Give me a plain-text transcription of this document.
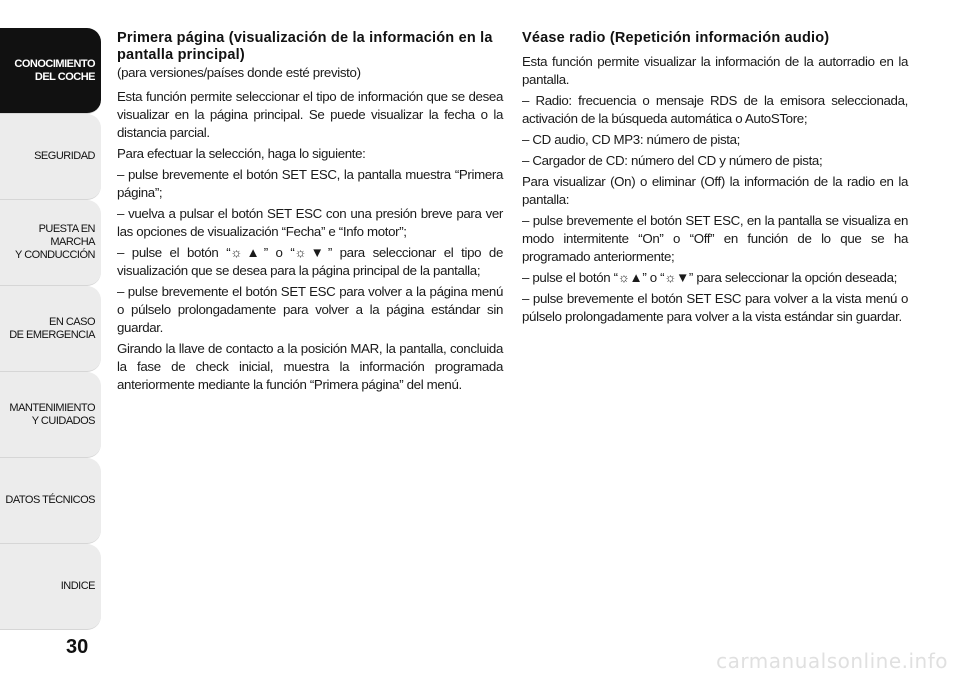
CONOCIMIENTO
DEL COCHE
SEGURIDAD
PUESTA EN MARCHA
Y CONDUCCIÓN
EN CASO
DE EMERGENCIA
MANTENIMIENTO
Y CUIDADOS
DATOS TÉCNICOS
INDICE
30
Primera página (visualización de la información en la pantalla principal)

(para versiones/países donde esté previsto)

Esta función permite seleccionar el tipo de información que se desea visualizar en la página principal. Se puede visualizar la fecha o la distancia parcial.

Para efectuar la selección, haga lo siguiente:

– pulse brevemente el botón SET ESC, la pantalla muestra “Primera página”;

– vuelva a pulsar el botón SET ESC con una presión breve para ver las opciones de visualización “Fecha” e “Info motor”;

– pulse el botón “☼▲” o “☼▼” para seleccionar el tipo de visualización que se desea para la página principal de la pantalla;

– pulse brevemente el botón SET ESC para volver a la página menú o púlselo prolongadamente para volver a la página estándar sin guardar.

Girando la llave de contacto a la posición MAR, la pantalla, concluida la fase de check inicial, muestra la información programada anteriormente mediante la función “Primera página” del menú.

Véase radio (Repetición información audio)

Esta función permite visualizar la información de la autorradio en la pantalla.

– Radio: frecuencia o mensaje RDS de la emisora seleccionada, activación de la búsqueda automática o AutoSTore;

– CD audio, CD MP3: número de pista;

– Cargador de CD: número del CD y número de pista;

Para visualizar (On) o eliminar (Off) la información de la radio en la pantalla:

– pulse brevemente el botón SET ESC, en la pantalla se visualiza en modo intermitente “On” o “Off” en función de lo que se ha programado anteriormente;

– pulse el botón “☼▲” o “☼▼” para seleccionar la opción deseada;

– pulse brevemente el botón SET ESC para volver a la vista menú o púlselo prolongadamente para volver a la vista estándar sin guardar.

carmanualsonline.info
